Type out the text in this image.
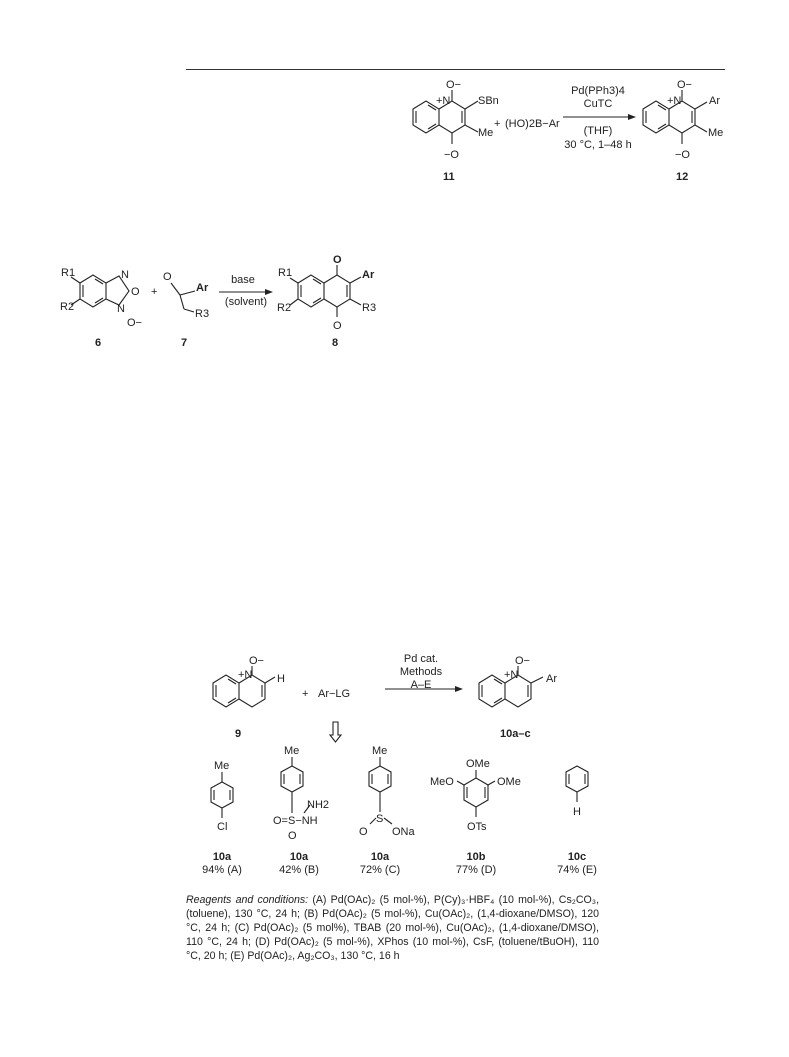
O−
+N	SBn
Me
−O
11
+ (HO)2B−Ar
Pd(PPh3)4
CuTC
(THF)
30 °C, 1–48 h
O−
+N	Ar
Me
−O
12
R1
R2
N
O
N
O−
6
+
O
Ar
R3
7
base
(solvent)
O
Ar
R3
R1
R2
O
8
O−
+N H
9
+ Ar−LG
Pd cat.
Methods
A–E
O−
+N	Ar
10a–c
Me
Cl
Me
NH2
O=S−NH
O
Me
S
O ONa
OMe
MeO	OMe
OTs
H
10a
94% (A)
10a
42% (B)
10a
72% (C)
10b
77% (D)
10c
74% (E)
Reagents and conditions: (A) Pd(OAc)₂ (5 mol-%), P(Cy)₃·HBF₄ (10 mol-%), Cs₂CO₃, (toluene), 130 °C, 24 h; (B) Pd(OAc)₂ (5 mol-%), Cu(OAc)₂, (1,4-dioxane/DMSO), 120 °C, 24 h; (C) Pd(OAc)₂ (5 mol%), TBAB (20 mol-%), Cu(OAc)₂, (1,4-dioxane/DMSO), 110 °C, 24 h; (D) Pd(OAc)₂ (5 mol-%), XPhos (10 mol-%), CsF, (toluene/tBuOH), 110 °C, 20 h; (E) Pd(OAc)₂, Ag₂CO₃, 130 °C, 16 h
